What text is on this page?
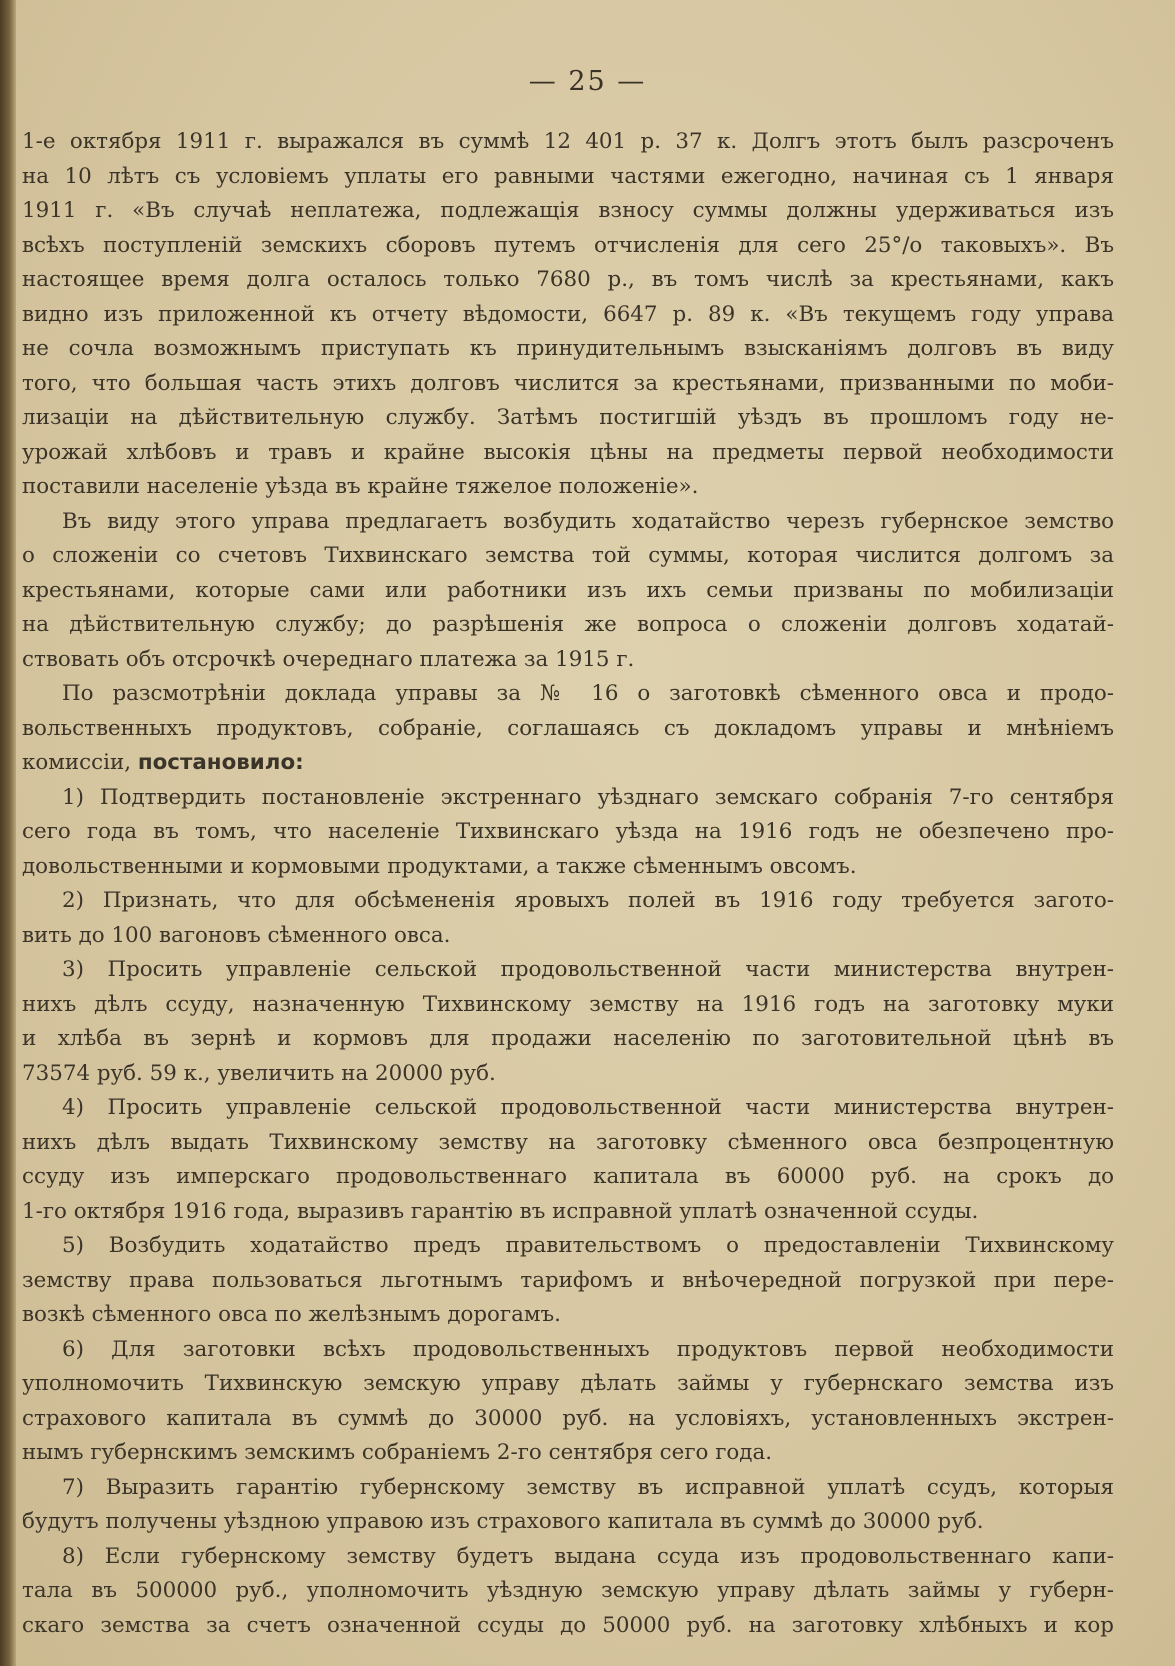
— 25 —
1-е октября 1911 г. выражался въ суммѣ 12 401 р. 37 к. Долгъ этотъ былъ разсроченъ
на 10 лѣтъ съ условіемъ уплаты его равными частями ежегодно, начиная съ 1 января
1911 г. «Въ случаѣ неплатежа, подлежащія взносу суммы должны удерживаться изъ
всѣхъ поступленій земскихъ сборовъ путемъ отчисленія для сего 25°/о таковыхъ». Въ
настоящее время долга осталось только 7680 р., въ томъ числѣ за крестьянами, какъ
видно изъ приложенной къ отчету вѣдомости, 6647 р. 89 к. «Въ текущемъ году управа
не сочла возможнымъ приступать къ принудительнымъ взысканіямъ долговъ въ виду
того, что большая часть этихъ долговъ числится за крестьянами, призванными по моби-
лизаціи на дѣйствительную службу. Затѣмъ постигшій уѣздъ въ прошломъ году не-
урожай хлѣбовъ и травъ и крайне высокія цѣны на предметы первой необходимости
поставили населеніе уѣзда въ крайне тяжелое положеніе».
Въ виду этого управа предлагаетъ возбудить ходатайство черезъ губернское земство
о сложеніи со счетовъ Тихвинскаго земства той суммы, которая числится долгомъ за
крестьянами, которые сами или работники изъ ихъ семьи призваны по мобилизаціи
на дѣйствительную службу; до разрѣшенія же вопроса о сложеніи долговъ ходатай-
ствовать объ отсрочкѣ очереднаго платежа за 1915 г.
По разсмотрѣніи доклада управы за № 16 о заготовкѣ сѣменного овса и продо-
вольственныхъ продуктовъ, собраніе, соглашаясь съ докладомъ управы и мнѣніемъ
комиссіи, постановило:
1) Подтвердить постановленіе экстреннаго уѣзднаго земскаго собранія 7-го сентября
сего года въ томъ, что населеніе Тихвинскаго уѣзда на 1916 годъ не обезпечено про-
довольственными и кормовыми продуктами, а также сѣменнымъ овсомъ.
2) Признать, что для обсѣмененія яровыхъ полей въ 1916 году требуется загото-
вить до 100 вагоновъ сѣменного овса.
3) Просить управленіе сельской продовольственной части министерства внутрен-
нихъ дѣлъ ссуду, назначенную Тихвинскому земству на 1916 годъ на заготовку муки
и хлѣба въ зернѣ и кормовъ для продажи населенію по заготовительной цѣнѣ въ
73574 руб. 59 к., увеличить на 20000 руб.
4) Просить управленіе сельской продовольственной части министерства внутрен-
нихъ дѣлъ выдать Тихвинскому земству на заготовку сѣменного овса безпроцентную
ссуду изъ имперскаго продовольственнаго капитала въ 60000 руб. на срокъ до
1-го октября 1916 года, выразивъ гарантію въ исправной уплатѣ означенной ссуды.
5) Возбудить ходатайство предъ правительствомъ о предоставленіи Тихвинскому
земству права пользоваться льготнымъ тарифомъ и внѣочередной погрузкой при пере-
возкѣ сѣменного овса по желѣзнымъ дорогамъ.
6) Для заготовки всѣхъ продовольственныхъ продуктовъ первой необходимости
уполномочить Тихвинскую земскую управу дѣлать займы у губернскаго земства изъ
страхового капитала въ суммѣ до 30000 руб. на условіяхъ, установленныхъ экстрен-
нымъ губернскимъ земскимъ собраніемъ 2-го сентября сего года.
7) Выразить гарантію губернскому земству въ исправной уплатѣ ссудъ, которыя
будутъ получены уѣздною управою изъ страхового капитала въ суммѣ до 30000 руб.
8) Если губернскому земству будетъ выдана ссуда изъ продовольственнаго капи-
тала въ 500000 руб., уполномочить уѣздную земскую управу дѣлать займы у губерн-
скаго земства за счетъ означенной ссуды до 50000 руб. на заготовку хлѣбныхъ и кор
